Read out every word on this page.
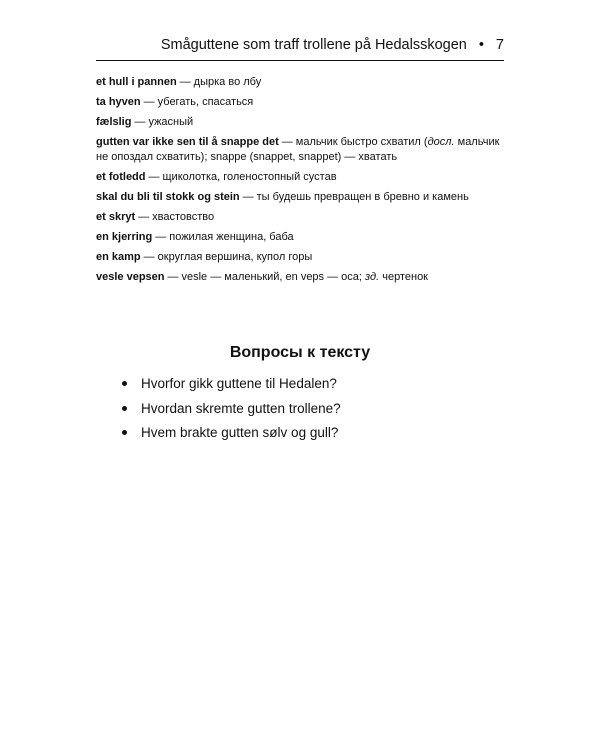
Småguttene som traff trollene på Hedalsskogen • 7
et hull i pannen — дырка во лбу
ta hyven — убегать, спасаться
fælslig — ужасный
gutten var ikke sen til å snappe det — мальчик быстро схватил (досл. мальчик не опоздал схватить); snappe (snappet, snappet) — хватать
et fotledd — щиколотка, голеностопный сустав
skal du bli til stokk og stein — ты будешь превращен в бревно и камень
et skryt — хвастовство
en kjerring — пожилая женщина, баба
en kamp — округлая вершина, купол горы
vesle vepsen — vesle — маленький, en veps — оса; зд. чертенок
Вопросы к тексту
Hvorfor gikk guttene til Hedalen?
Hvordan skremte gutten trollene?
Hvem brakte gutten sølv og gull?
